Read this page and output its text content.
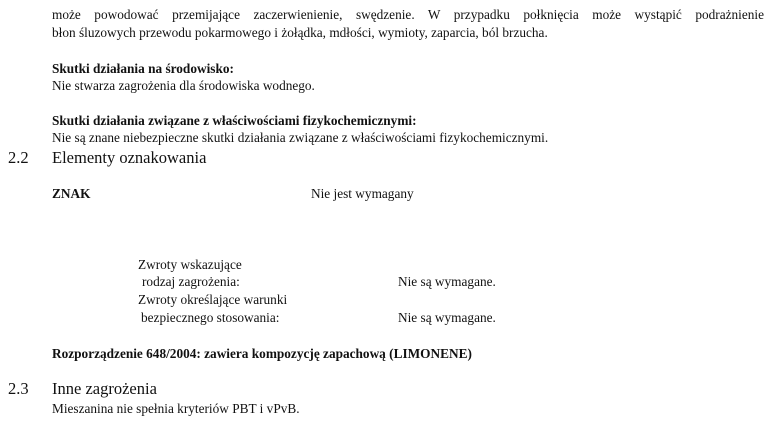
może powodować przemijające zaczerwienienie, swędzenie. W przypadku połknięcia może wystąpić podrażnienie
błon śluzowych przewodu pokarmowego i żołądka, mdłości, wymioty, zaparcia, ból brzucha.
Skutki działania na środowisko:
Nie stwarza zagrożenia dla środowiska wodnego.
Skutki działania związane z właściwościami fizykochemicznymi:
Nie są znane niebezpieczne skutki działania związane z właściwościami fizykochemicznymi.
2.2 Elementy oznakowania
ZNAK	Nie jest wymagany
Zwroty wskazujące
rodzaj zagrożenia:	Nie są wymagane.
Zwroty określające warunki
bezpiecznego stosowania:	Nie są wymagane.
Rozporządzenie 648/2004: zawiera kompozycję zapachową (LIMONENE)
2.3 Inne zagrożenia
Mieszanina nie spełnia kryteriów PBT i vPvB.
